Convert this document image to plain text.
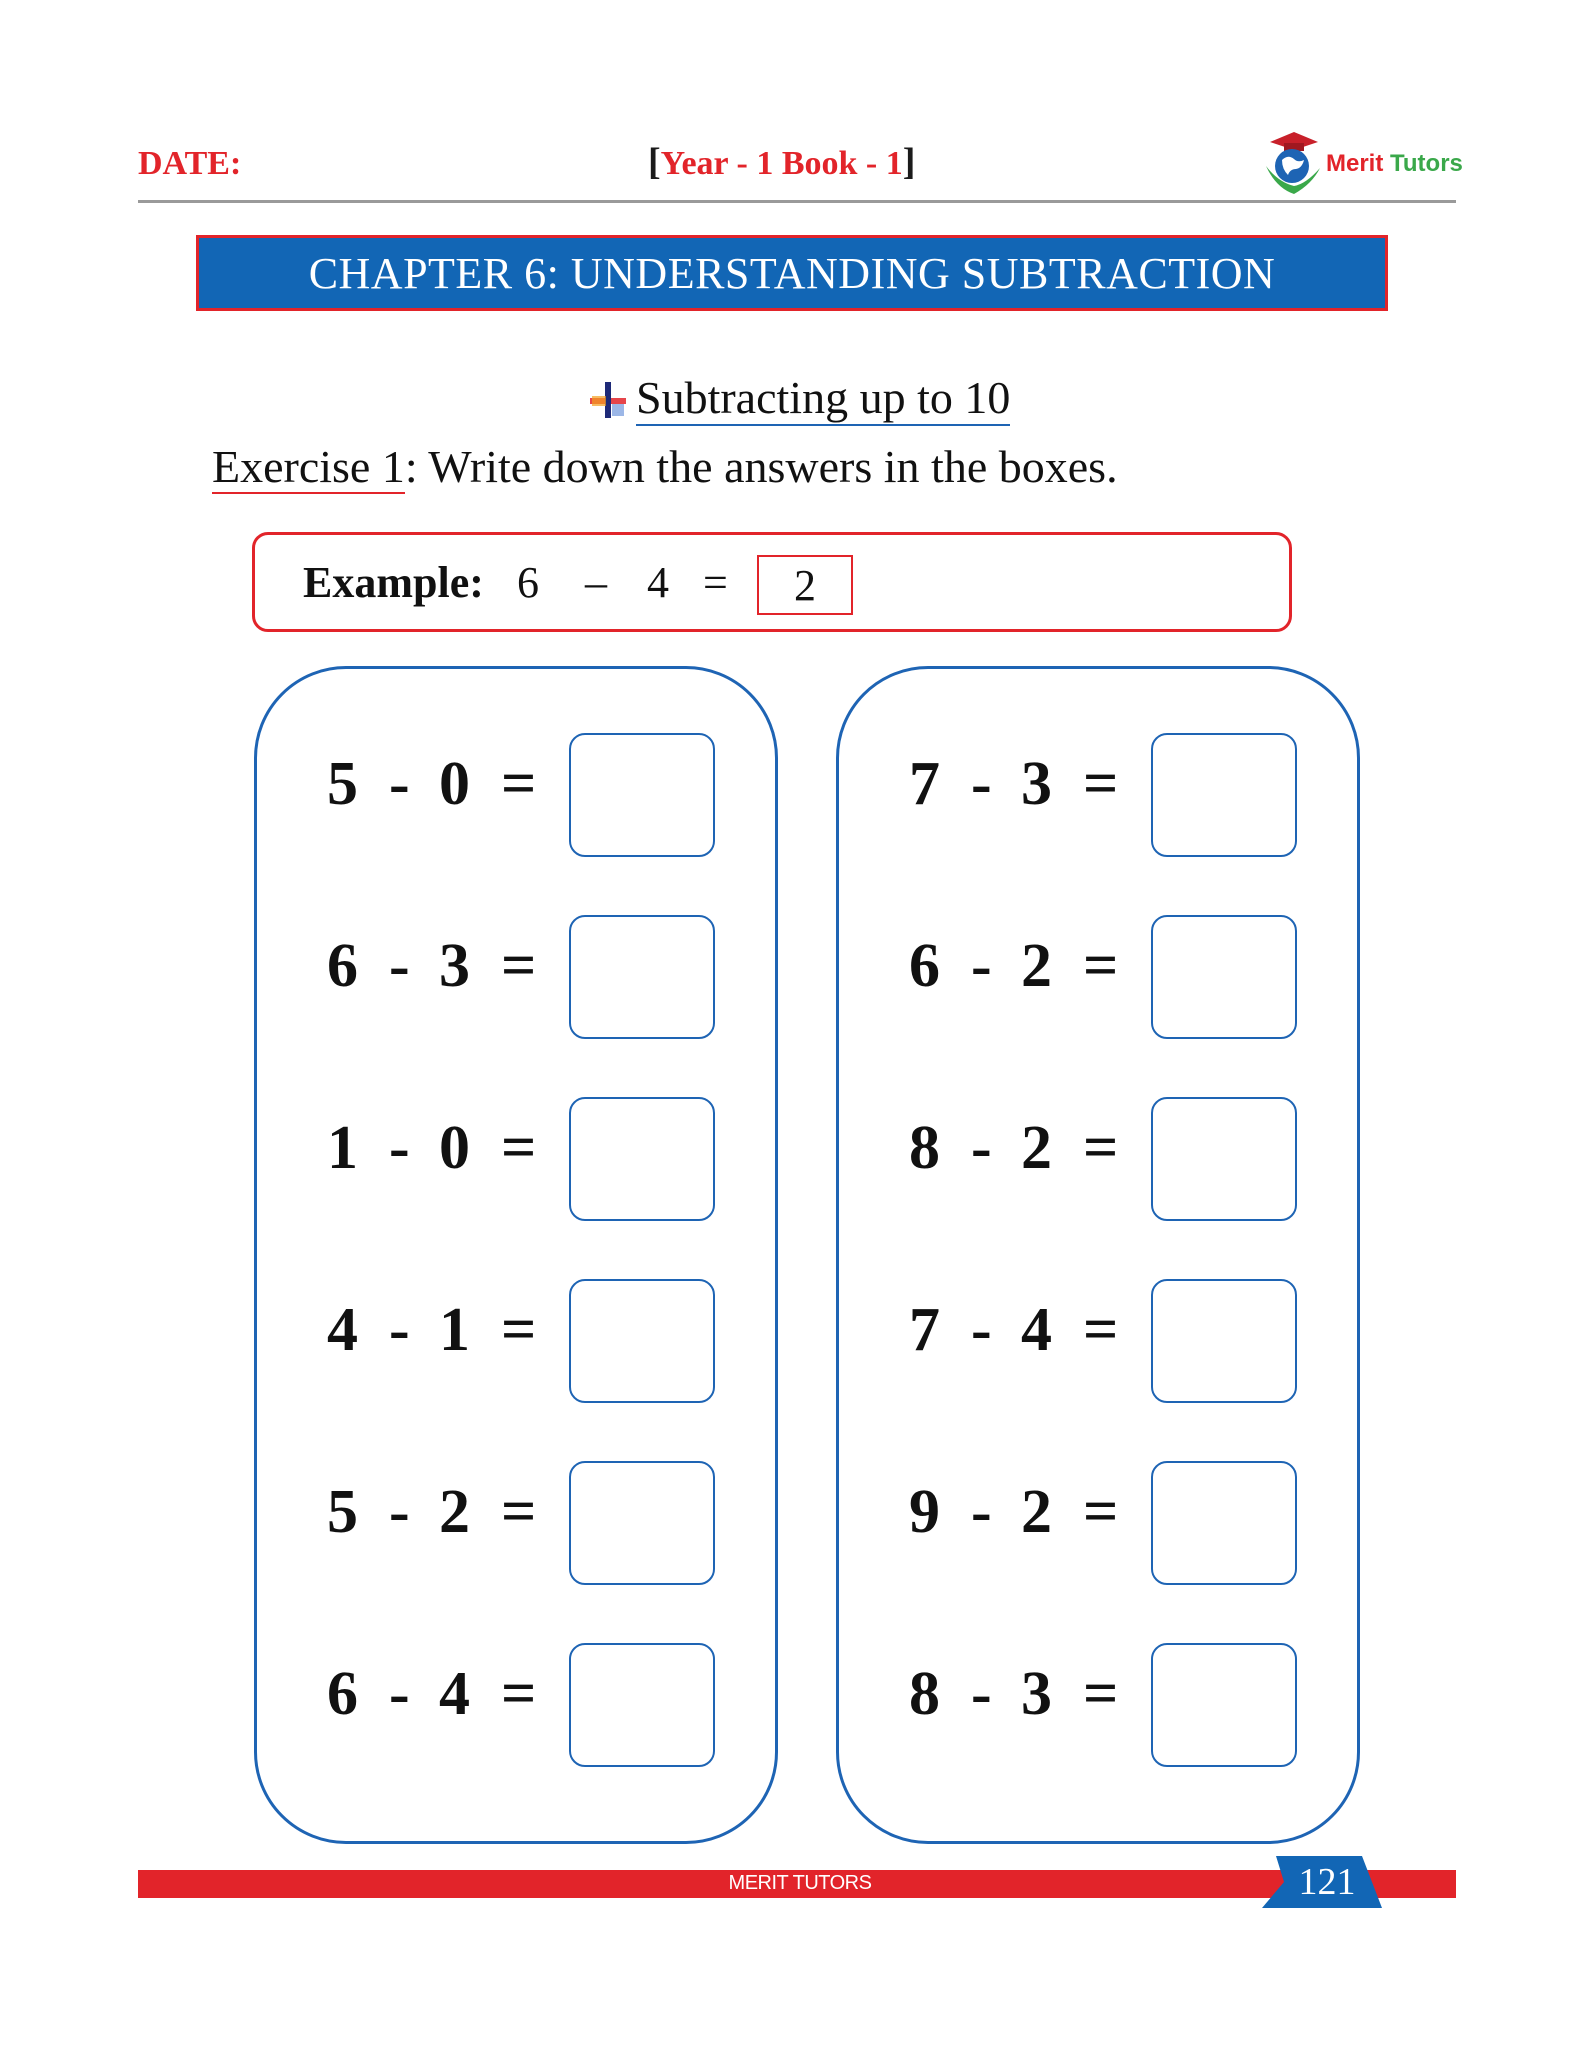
DATE:	[Year - 1 Book - 1]	Merit Tutors
CHAPTER 6: UNDERSTANDING SUBTRACTION
Subtracting up to 10
Exercise 1: Write down the answers in the boxes.
Example: 6 – 4 =	2
5 - 0 =
6 - 3 =
1 - 0 =
4 - 1 =
5 - 2 =
6 - 4 =
7 - 3 =
6 - 2 =
8 - 2 =
7 - 4 =
9 - 2 =
8 - 3 =
MERIT TUTORS	121
